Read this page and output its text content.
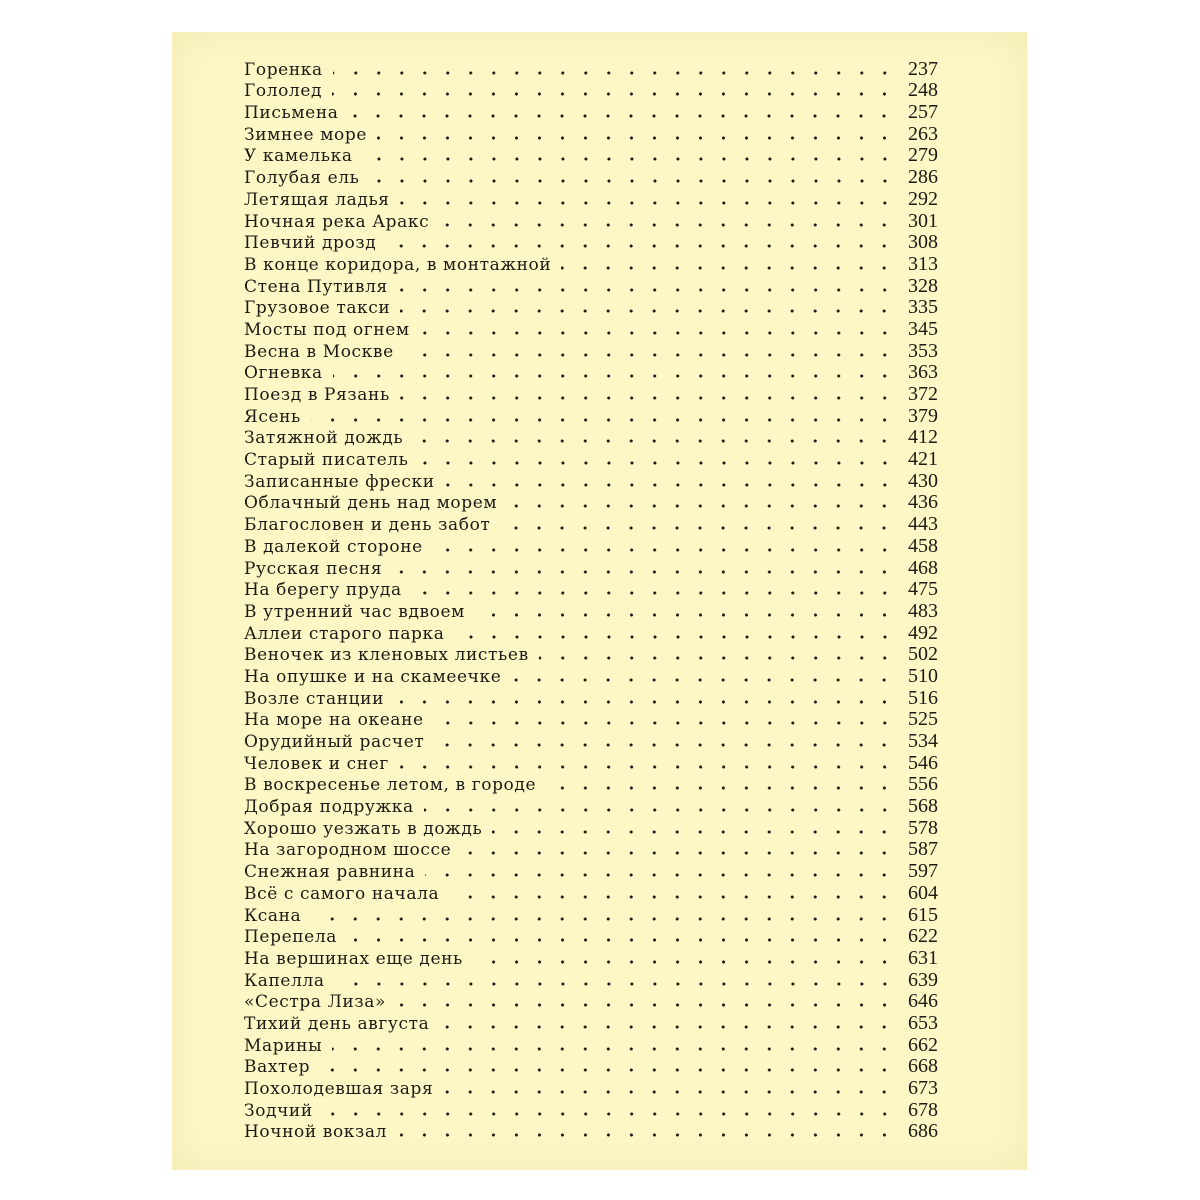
Горенка	237
Гололед	248
Письмена	257
Зимнее море	263
У камелька	279
Голубая ель	286
Летящая ладья	292
Ночная река Аракс	301
Певчий дрозд	308
В конце коридора, в монтажной	313
Стена Путивля	328
Грузовое такси	335
Мосты под огнем	345
Весна в Москве	353
Огневка	363
Поезд в Рязань	372
Ясень	379
Затяжной дождь	412
Старый писатель	421
Записанные фрески	430
Облачный день над морем	436
Благословен и день забот	443
В далекой стороне	458
Русская песня	468
На берегу пруда	475
В утренний час вдвоем	483
Аллеи старого парка	492
Веночек из кленовых листьев	502
На опушке и на скамеечке	510
Возле станции	516
На море на океане	525
Орудийный расчет	534
Человек и снег	546
В воскресенье летом, в городе	556
Добрая подружка	568
Хорошо уезжать в дождь	578
На загородном шоссе	587
Снежная равнина	597
Всё с самого начала	604
Ксана	615
Перепела	622
На вершинах еще день	631
Капелла	639
«Сестра Лиза»	646
Тихий день августа	653
Марины	662
Вахтер	668
Похолодевшая заря	673
Зодчий	678
Ночной вокзал	686
